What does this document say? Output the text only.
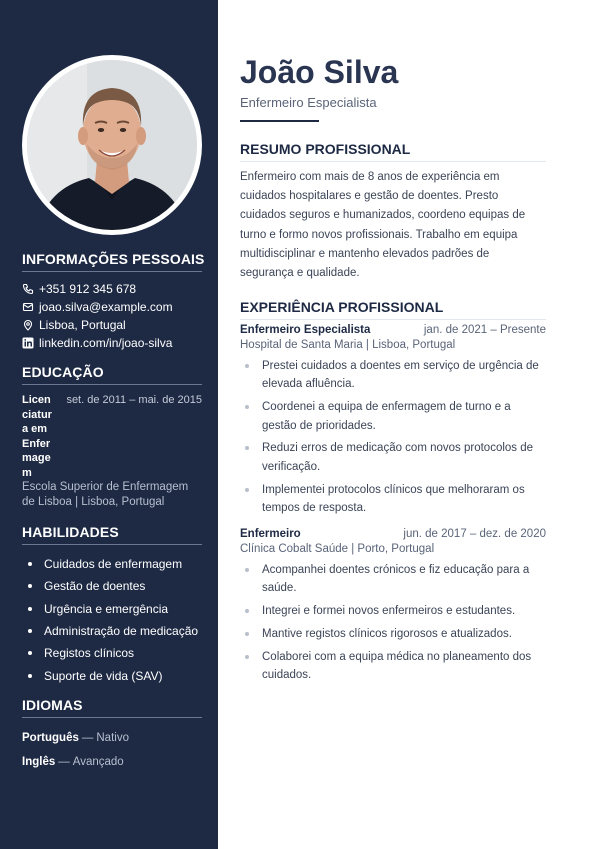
INFORMAÇÕES PESSOAIS
+351 912 345 678
joao.silva@example.com
Lisboa, Portugal
linkedin.com/in/joao-silva
EDUCAÇÃO
Licenciatura em Enfermagem
set. de 2011 – mai. de 2015
Escola Superior de Enfermagem de Lisboa | Lisboa, Portugal
HABILIDADES
Cuidados de enfermagem
Gestão de doentes
Urgência e emergência
Administração de medicação
Registos clínicos
Suporte de vida (SAV)
IDIOMAS
Português — Nativo
Inglês — Avançado
João Silva
Enfermeiro Especialista
RESUMO PROFISSIONAL

Enfermeiro com mais de 8 anos de experiência em cuidados hospitalares e gestão de doentes. Presto cuidados seguros e humanizados, coordeno equipas de turno e formo novos profissionais. Trabalho em equipa multidisciplinar e mantenho elevados padrões de segurança e qualidade.

EXPERIÊNCIA PROFISSIONAL
Enfermeiro Especialista	jan. de 2021 – Presente
Hospital de Santa Maria | Lisboa, Portugal
Prestei cuidados a doentes em serviço de urgência de elevada afluência.
Coordenei a equipa de enfermagem de turno e a gestão de prioridades.
Reduzi erros de medicação com novos protocolos de verificação.
Implementei protocolos clínicos que melhoraram os tempos de resposta.
Enfermeiro	jun. de 2017 – dez. de 2020
Clínica Cobalt Saúde | Porto, Portugal
Acompanhei doentes crónicos e fiz educação para a saúde.
Integrei e formei novos enfermeiros e estudantes.
Mantive registos clínicos rigorosos e atualizados.
Colaborei com a equipa médica no planeamento dos cuidados.
